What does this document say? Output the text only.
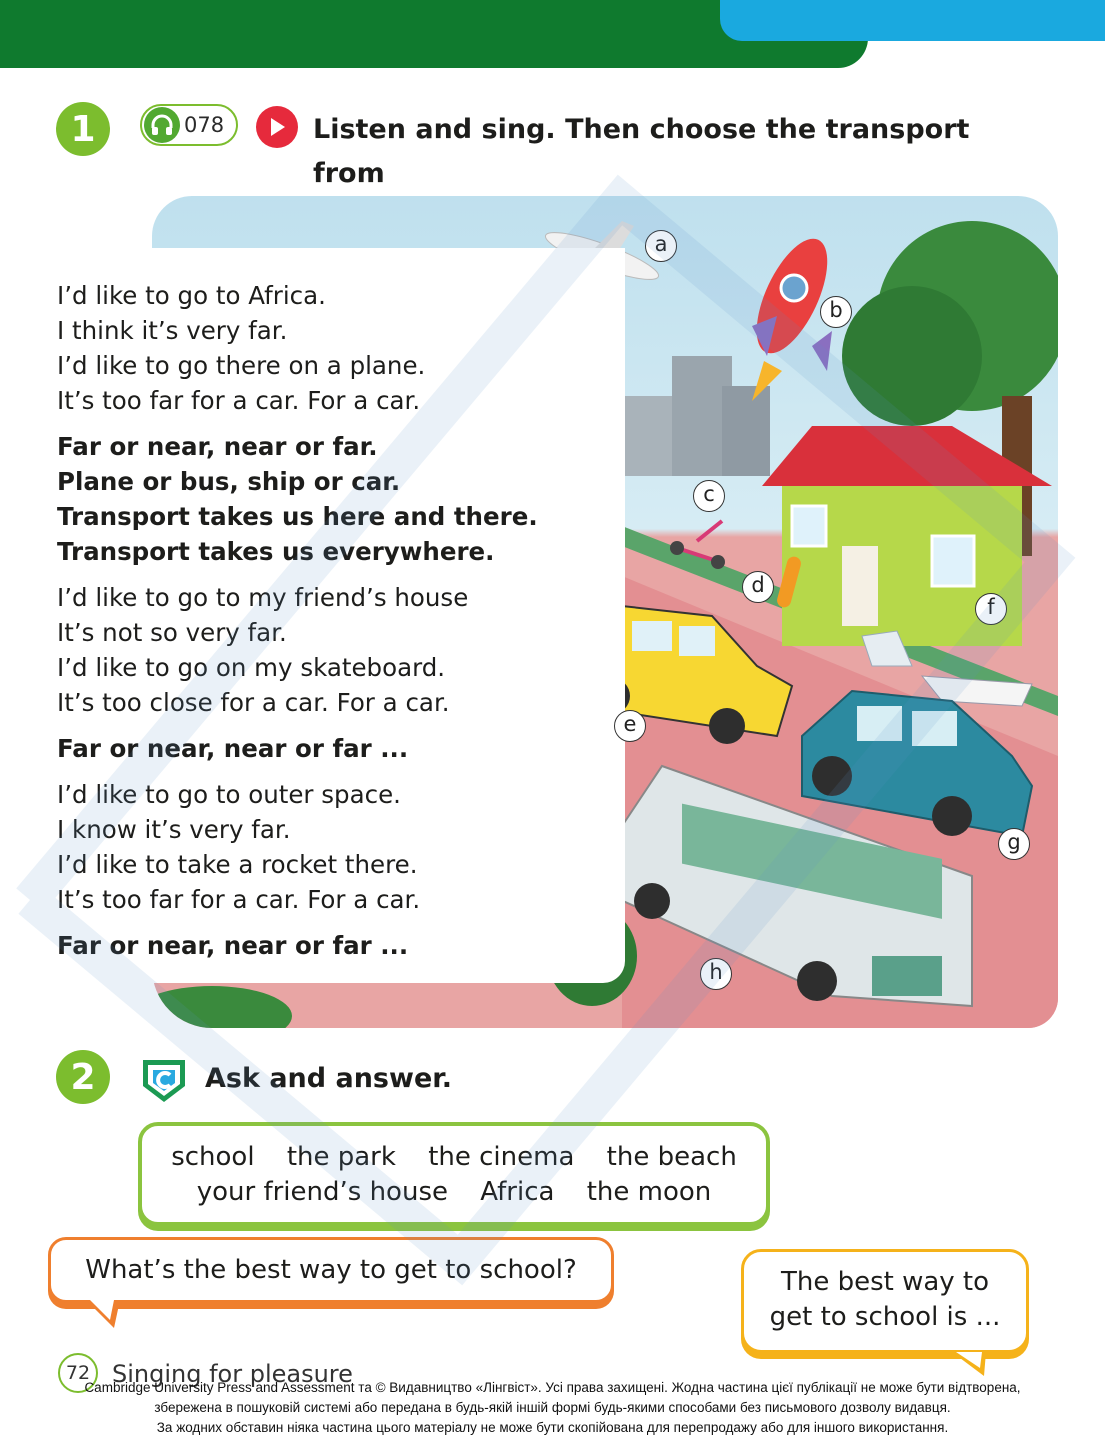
1	078	Listen and sing. Then choose the transport from
I’d like to go to Africa.
I think it’s very far.
I’d like to go there on a plane.
It’s too far for a car. For a car.
Far or near, near or far.
Plane or bus, ship or car.
Transport takes us here and there.
Transport takes us everywhere.
I’d like to go to my friend’s house
It’s not so very far.
I’d like to go on my skateboard.
It’s too close for a car. For a car.
Far or near, near or far ...
I’d like to go to outer space.
I know it’s very far.
I’d like to take a rocket there.
It’s too far for a car. For a car.
Far or near, near or far ...
a
b
c
d
f
e
g
h
2	Ask and answer.
school the park the cinema the beach
your friend’s house Africa the moon
What’s the best way to get to school?	The best way to
get to school is ...
72 Singing for pleasure
Cambridge University Press and Assessment та © Видавництво «Лінгвіст». Усі права захищені. Жодна частина цієї публікації не може бути відтворена,
збережена в пошуковій системі або передана в будь-якій іншій формі будь-якими способами без письмового дозволу видавця.
За жодних обставин ніяка частина цього матеріалу не може бути скопійована для перепродажу або для іншого використання.
